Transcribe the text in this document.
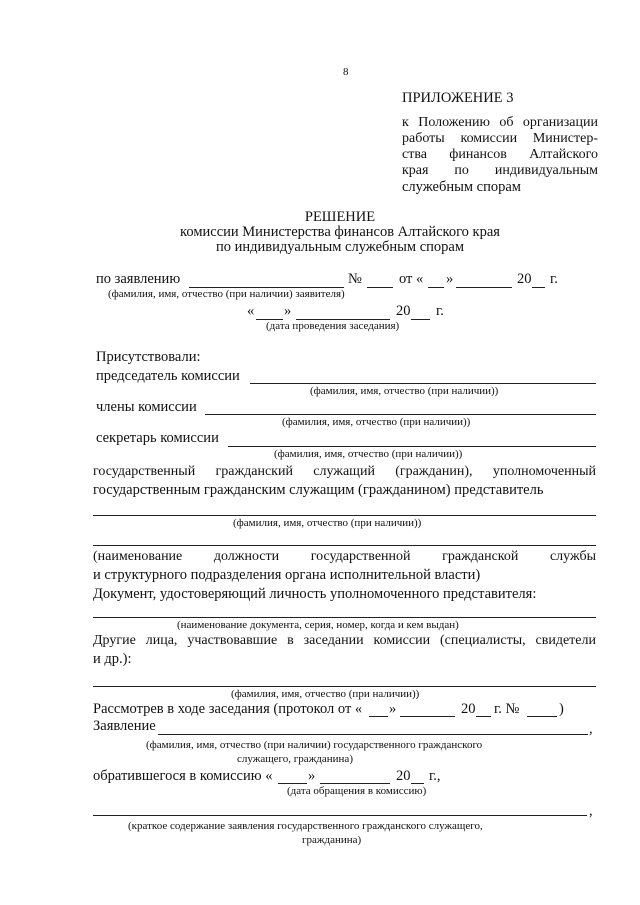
8
ПРИЛОЖЕНИЕ 3
к Положению об организации
работы комиссии Министер-
ства финансов Алтайского
края по индивидуальным
служебным спорам
РЕШЕНИЕ
комиссии Министерства финансов Алтайского края
по индивидуальным служебным спорам
по заявлению	№	от « »	20 г.
(фамилия, имя, отчество (при наличии) заявителя)
« »	20 г.
(дата проведения заседания)
Присутствовали:
председатель комиссии
(фамилия, имя, отчество (при наличии))
члены комиссии
(фамилия, имя, отчество (при наличии))
секретарь комиссии
(фамилия, имя, отчество (при наличии))
государственный гражданский служащий (гражданин), уполномоченный
государственным гражданским служащим (гражданином) представитель
(фамилия, имя, отчество (при наличии))
(наименование должности государственной гражданской службы
и структурного подразделения органа исполнительной власти)
Документ, удостоверяющий личность уполномоченного представителя:
(наименование документа, серия, номер, когда и кем выдан)
Другие лица, участвовавшие в заседании комиссии (специалисты, свидетели
и др.):
(фамилия, имя, отчество (при наличии))
Рассмотрев в ходе заседания (протокол от « »	20 г. №	)
Заявление	,
(фамилия, имя, отчество (при наличии) государственного гражданского
служащего, гражданина)
обратившегося в комиссию « »	20 г.,
(дата обращения в комиссию)
,
(краткое содержание заявления государственного гражданского служащего,
гражданина)
